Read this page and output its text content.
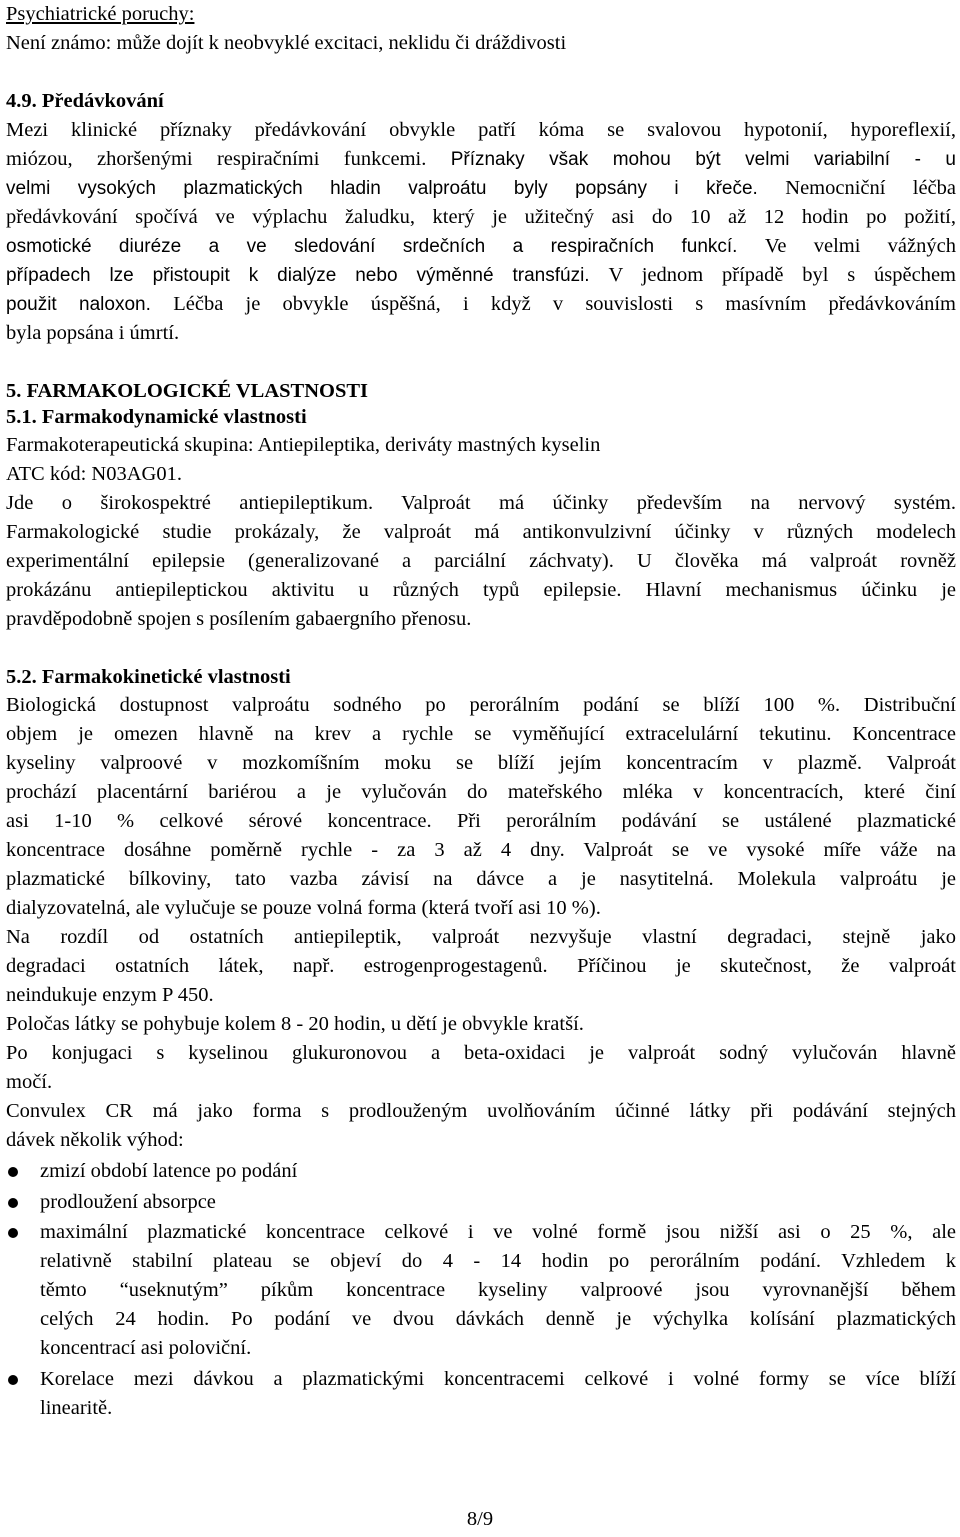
Psychiatrické poruchy:
Není známo: může dojít k neobvyklé excitaci, neklidu či dráždivosti
4.9. Předávkování
Mezi klinické příznaky předávkování obvykle patří kóma se svalovou hypotonií, hyporeflexií,
miózou, zhoršenými respiračními funkcemi. Příznaky však mohou být velmi variabilní - u
velmi vysokých plazmatických hladin valproátu byly popsány i křeče. Nemocniční léčba
předávkování spočívá ve výplachu žaludku, který je užitečný asi do 10 až 12 hodin po požití,
osmotické diuréze a ve sledování srdečních a respiračních funkcí. Ve velmi vážných
případech lze přistoupit k dialýze nebo výměnné transfúzi. V jednom případě byl s úspěchem
použit naloxon. Léčba je obvykle úspěšná, i když v souvislosti s masívním předávkováním
byla popsána i úmrtí.
5. FARMAKOLOGICKÉ VLASTNOSTI
5.1. Farmakodynamické vlastnosti
Farmakoterapeutická skupina: Antiepileptika, deriváty mastných kyselin
ATC kód: N03AG01.
Jde o širokospektré antiepileptikum. Valproát má účinky především na nervový systém.
Farmakologické studie prokázaly, že valproát má antikonvulzivní účinky v různých modelech
experimentální epilepsie (generalizované a parciální záchvaty). U člověka má valproát rovněž
prokázánu antiepileptickou aktivitu u různých typů epilepsie. Hlavní mechanismus účinku je
pravděpodobně spojen s posílením gabaergního přenosu.
5.2. Farmakokinetické vlastnosti
Biologická dostupnost valproátu sodného po perorálním podání se blíží 100 %. Distribuční
objem je omezen hlavně na krev a rychle se vyměňující extracelulární tekutinu. Koncentrace
kyseliny valproové v mozkomíšním moku se blíží jejím koncentracím v plazmě. Valproát
prochází placentární bariérou a je vylučován do mateřského mléka v koncentracích, které činí
asi 1-10 % celkové sérové koncentrace. Při perorálním podávání se ustálené plazmatické
koncentrace dosáhne poměrně rychle - za 3 až 4 dny. Valproát se ve vysoké míře váže na
plazmatické bílkoviny, tato vazba závisí na dávce a je nasytitelná. Molekula valproátu je
dialyzovatelná, ale vylučuje se pouze volná forma (která tvoří asi 10 %).
Na rozdíl od ostatních antiepileptik, valproát nezvyšuje vlastní degradaci, stejně jako
degradaci ostatních látek, např. estrogenprogestagenů. Příčinou je skutečnost, že valproát
neindukuje enzym P 450.
Poločas látky se pohybuje kolem 8 - 20 hodin, u dětí je obvykle kratší.
Po konjugaci s kyselinou glukuronovou a beta-oxidaci je valproát sodný vylučován hlavně
močí.
Convulex CR má jako forma s prodlouženým uvolňováním účinné látky při podávání stejných
dávek několik výhod:
zmizí období latence po podání
prodloužení absorpce
maximální plazmatické koncentrace celkové i ve volné formě jsou nižší asi o 25 %, ale
relativně stabilní plateau se objeví do 4 - 14 hodin po perorálním podání. Vzhledem k
těmto “useknutým” píkům koncentrace kyseliny valproové jsou vyrovnanější během
celých 24 hodin. Po podání ve dvou dávkách denně je výchylka kolísání plazmatických
koncentrací asi poloviční.
Korelace mezi dávkou a plazmatickými koncentracemi celkové i volné formy se více blíží
linearitě.
8/9
